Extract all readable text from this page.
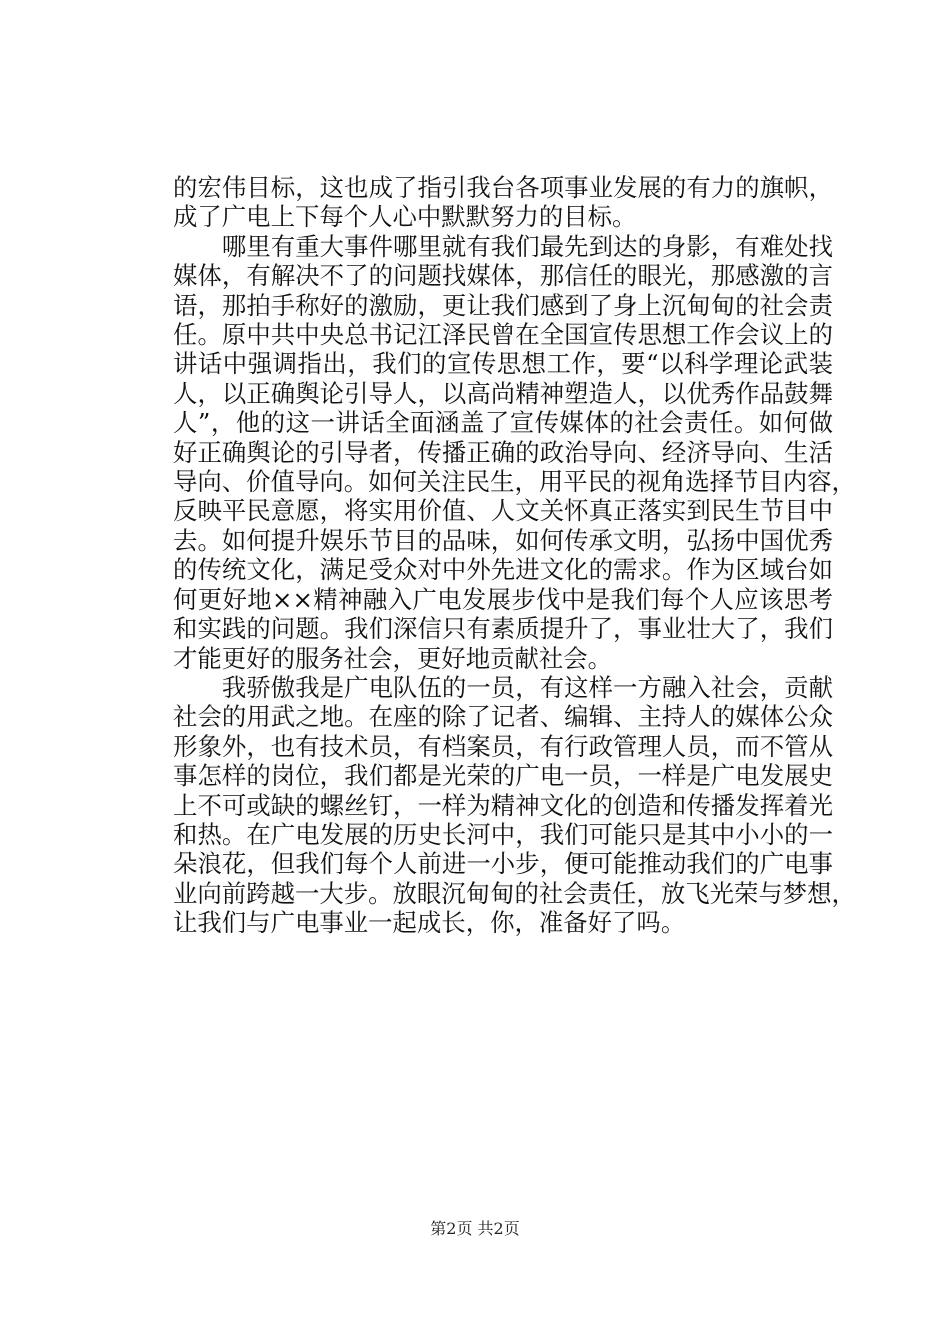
的宏伟目标，这也成了指引我台各项事业发展的有力的旗帜，
成了广电上下每个人心中默默努力的目标。
　　哪里有重大事件哪里就有我们最先到达的身影，有难处找
媒体，有解决不了的问题找媒体，那信任的眼光，那感激的言
语，那拍手称好的激励，更让我们感到了身上沉甸甸的社会责
任。原中共中央总书记江泽民曾在全国宣传思想工作会议上的
讲话中强调指出，我们的宣传思想工作，要“以科学理论武装
人，以正确舆论引导人，以高尚精神塑造人，以优秀作品鼓舞
人”，他的这一讲话全面涵盖了宣传媒体的社会责任。如何做
好正确舆论的引导者，传播正确的政治导向、经济导向、生活
导向、价值导向。如何关注民生，用平民的视角选择节目内容，
反映平民意愿，将实用价值、人文关怀真正落实到民生节目中
去。如何提升娱乐节目的品味，如何传承文明，弘扬中国优秀
的传统文化，满足受众对中外先进文化的需求。作为区域台如
何更好地××精神融入广电发展步伐中是我们每个人应该思考
和实践的问题。我们深信只有素质提升了，事业壮大了，我们
才能更好的服务社会，更好地贡献社会。
　　我骄傲我是广电队伍的一员，有这样一方融入社会，贡献
社会的用武之地。在座的除了记者、编辑、主持人的媒体公众
形象外，也有技术员，有档案员，有行政管理人员，而不管从
事怎样的岗位，我们都是光荣的广电一员，一样是广电发展史
上不可或缺的螺丝钉，一样为精神文化的创造和传播发挥着光
和热。在广电发展的历史长河中，我们可能只是其中小小的一
朵浪花，但我们每个人前进一小步，便可能推动我们的广电事
业向前跨越一大步。放眼沉甸甸的社会责任，放飞光荣与梦想，
让我们与广电事业一起成长，你，准备好了吗。
第2页 共2页
